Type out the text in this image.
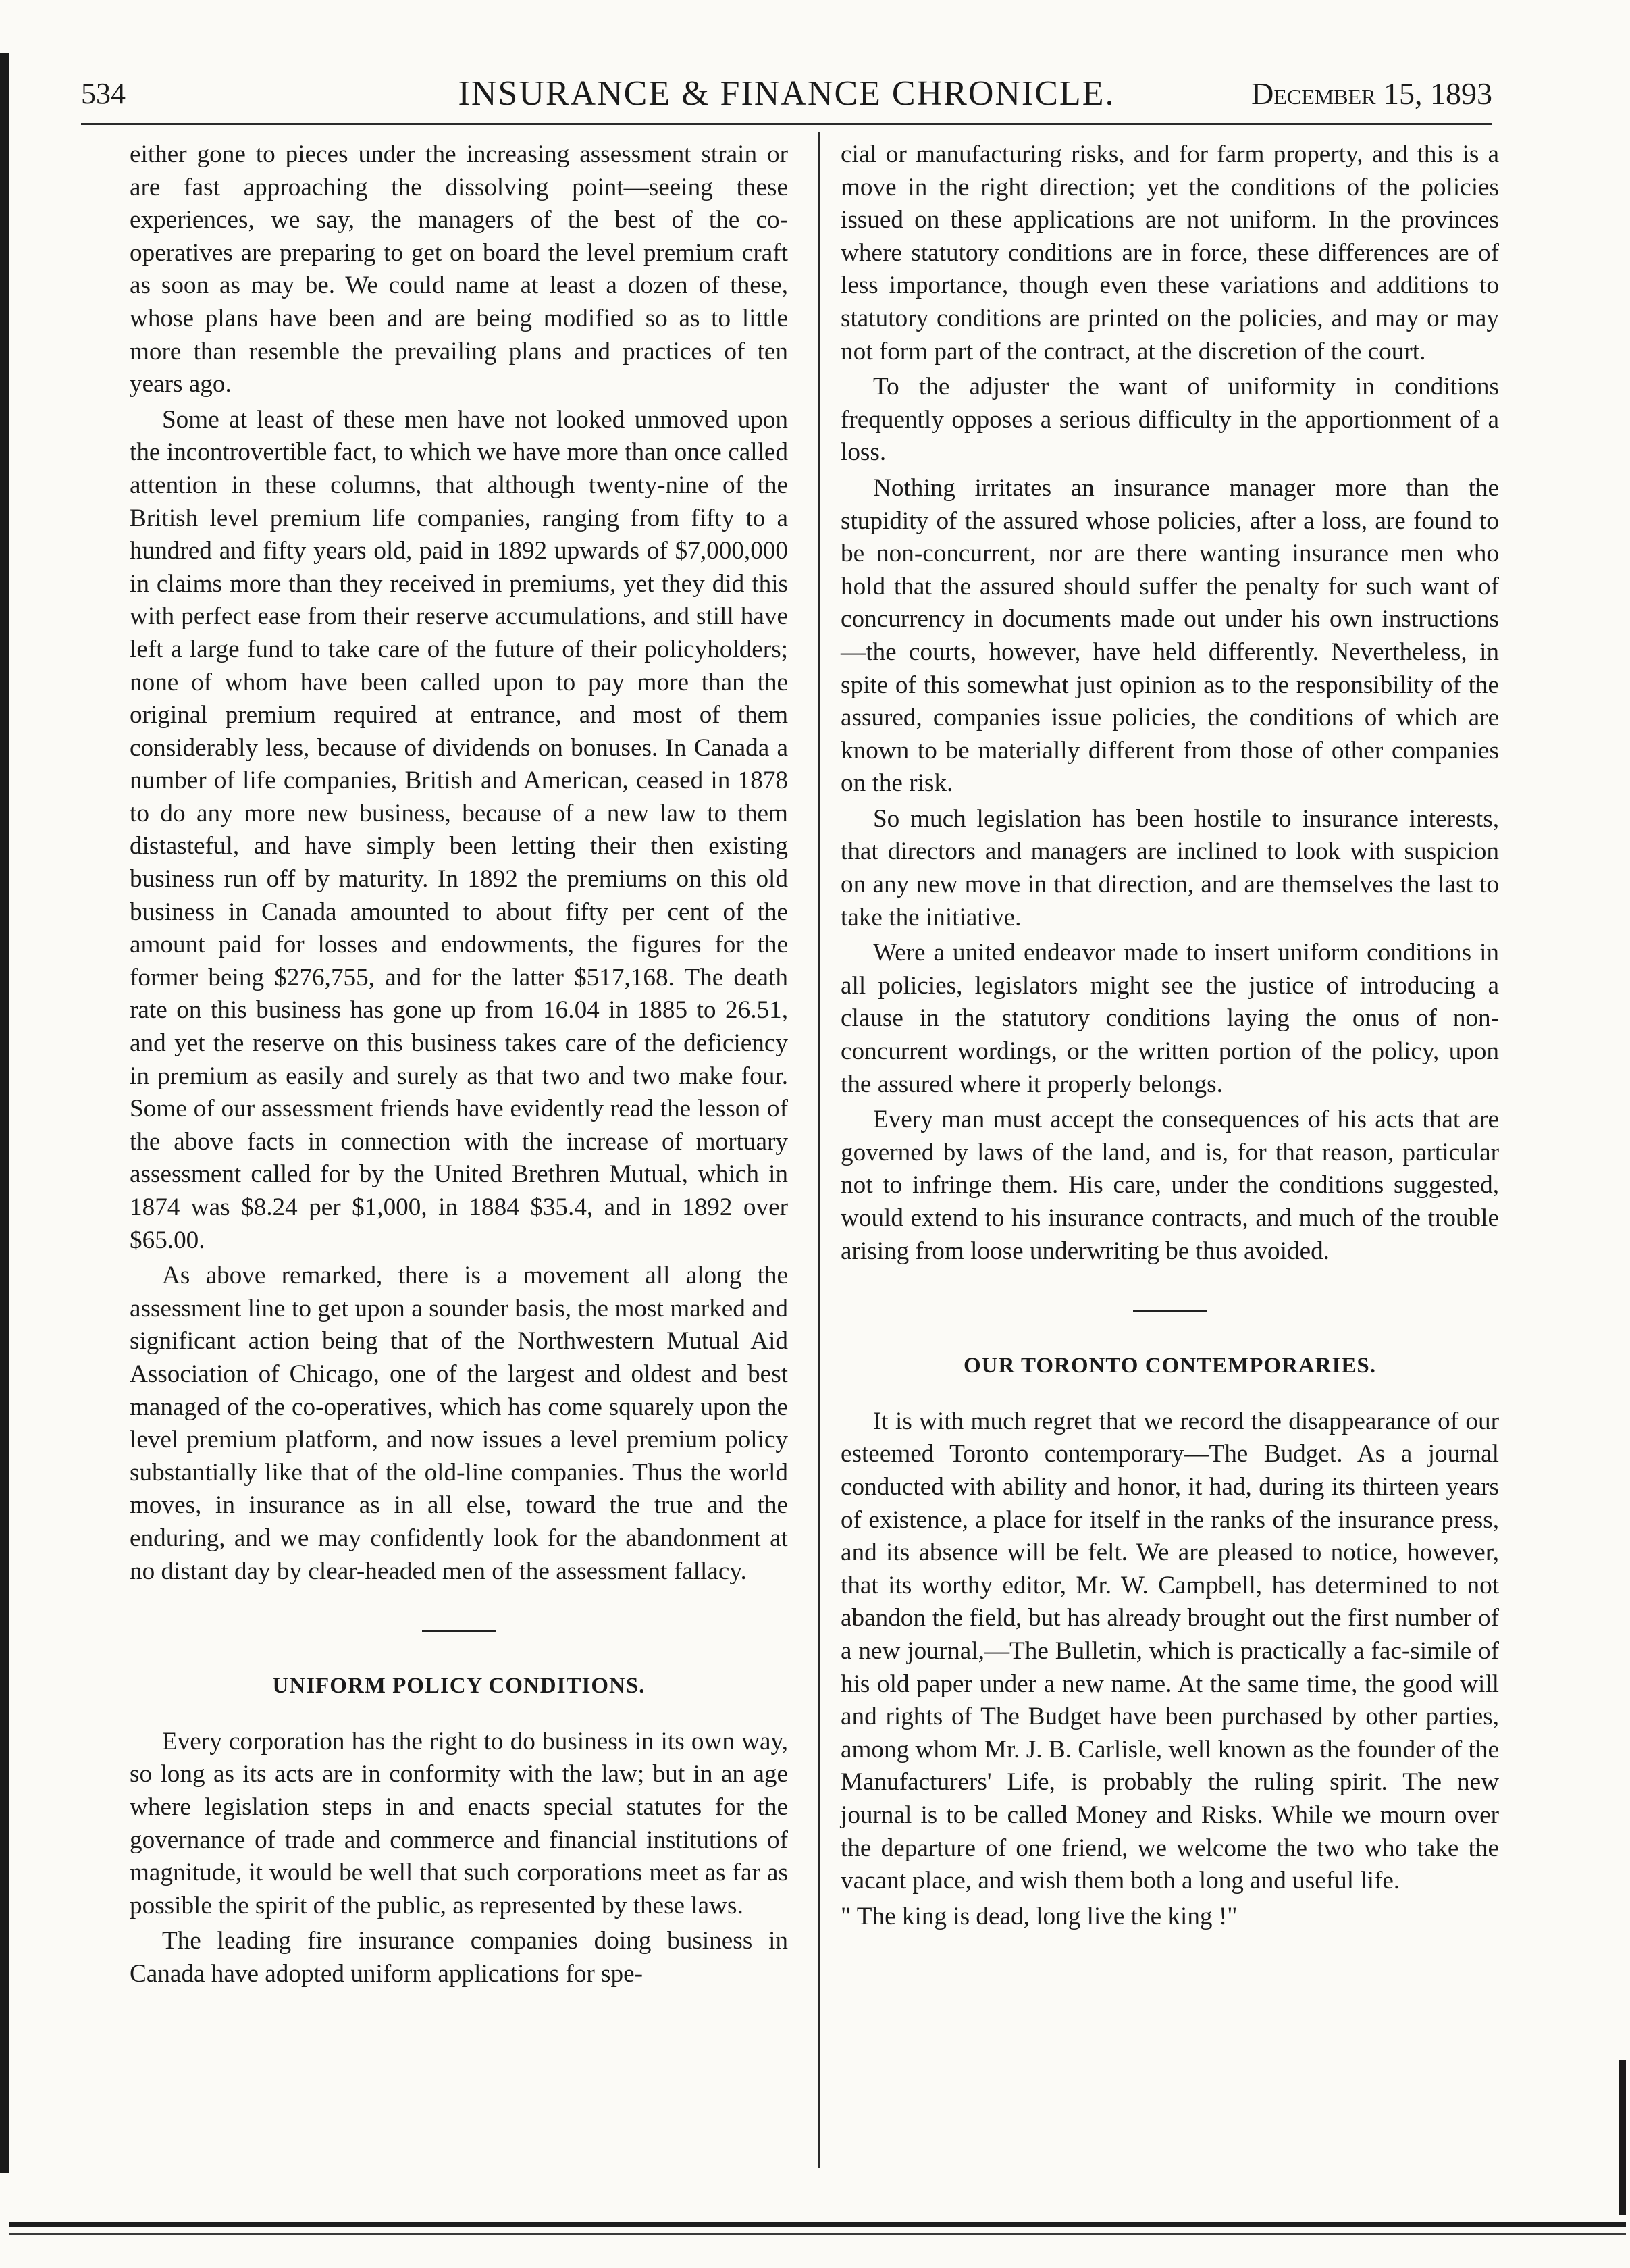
534	INSURANCE & FINANCE CHRONICLE.	December 15, 1893

either gone to pieces under the increasing assessment strain or are fast approaching the dissolving point—seeing these experiences, we say, the managers of the best of the co-operatives are preparing to get on board the level premium craft as soon as may be. We could name at least a dozen of these, whose plans have been and are being modified so as to little more than resemble the prevailing plans and practices of ten years ago.

Some at least of these men have not looked unmoved upon the incontrovertible fact, to which we have more than once called attention in these columns, that although twenty-nine of the British level premium life companies, ranging from fifty to a hundred and fifty years old, paid in 1892 upwards of $7,000,000 in claims more than they received in premiums, yet they did this with perfect ease from their reserve accumulations, and still have left a large fund to take care of the future of their policyholders; none of whom have been called upon to pay more than the original premium required at entrance, and most of them considerably less, because of dividends on bonuses. In Canada a number of life companies, British and American, ceased in 1878 to do any more new business, because of a new law to them distasteful, and have simply been letting their then existing business run off by maturity. In 1892 the premiums on this old business in Canada amounted to about fifty per cent of the amount paid for losses and endowments, the figures for the former being $276,755, and for the latter $517,168. The death rate on this business has gone up from 16.04 in 1885 to 26.51, and yet the reserve on this business takes care of the deficiency in premium as easily and surely as that two and two make four. Some of our assessment friends have evidently read the lesson of the above facts in connection with the increase of mortuary assessment called for by the United Brethren Mutual, which in 1874 was $8.24 per $1,000, in 1884 $35.4, and in 1892 over $65.00.

As above remarked, there is a movement all along the assessment line to get upon a sounder basis, the most marked and significant action being that of the Northwestern Mutual Aid Association of Chicago, one of the largest and oldest and best managed of the co-operatives, which has come squarely upon the level premium platform, and now issues a level premium policy substantially like that of the old-line companies. Thus the world moves, in insurance as in all else, toward the true and the enduring, and we may confidently look for the abandonment at no distant day by clear-headed men of the assessment fallacy.

UNIFORM POLICY CONDITIONS.

Every corporation has the right to do business in its own way, so long as its acts are in conformity with the law; but in an age where legislation steps in and enacts special statutes for the governance of trade and commerce and financial institutions of magnitude, it would be well that such corporations meet as far as possible the spirit of the public, as represented by these laws.

The leading fire insurance companies doing business in Canada have adopted uniform applications for spe-

cial or manufacturing risks, and for farm property, and this is a move in the right direction; yet the conditions of the policies issued on these applications are not uniform. In the provinces where statutory conditions are in force, these differences are of less importance, though even these variations and additions to statutory conditions are printed on the policies, and may or may not form part of the contract, at the discretion of the court.

To the adjuster the want of uniformity in conditions frequently opposes a serious difficulty in the apportionment of a loss.

Nothing irritates an insurance manager more than the stupidity of the assured whose policies, after a loss, are found to be non-concurrent, nor are there wanting insurance men who hold that the assured should suffer the penalty for such want of concurrency in documents made out under his own instructions—the courts, however, have held differently. Nevertheless, in spite of this somewhat just opinion as to the responsibility of the assured, companies issue policies, the conditions of which are known to be materially different from those of other companies on the risk.

So much legislation has been hostile to insurance interests, that directors and managers are inclined to look with suspicion on any new move in that direction, and are themselves the last to take the initiative.

Were a united endeavor made to insert uniform conditions in all policies, legislators might see the justice of introducing a clause in the statutory conditions laying the onus of non-concurrent wordings, or the written portion of the policy, upon the assured where it properly belongs.

Every man must accept the consequences of his acts that are governed by laws of the land, and is, for that reason, particular not to infringe them. His care, under the conditions suggested, would extend to his insurance contracts, and much of the trouble arising from loose underwriting be thus avoided.

OUR TORONTO CONTEMPORARIES.

It is with much regret that we record the disappearance of our esteemed Toronto contemporary—The Budget. As a journal conducted with ability and honor, it had, during its thirteen years of existence, a place for itself in the ranks of the insurance press, and its absence will be felt. We are pleased to notice, however, that its worthy editor, Mr. W. Campbell, has determined to not abandon the field, but has already brought out the first number of a new journal,—The Bulletin, which is practically a fac-simile of his old paper under a new name. At the same time, the good will and rights of The Budget have been purchased by other parties, among whom Mr. J. B. Carlisle, well known as the founder of the Manufacturers' Life, is probably the ruling spirit. The new journal is to be called Money and Risks. While we mourn over the departure of one friend, we welcome the two who take the vacant place, and wish them both a long and useful life.

" The king is dead, long live the king !"
